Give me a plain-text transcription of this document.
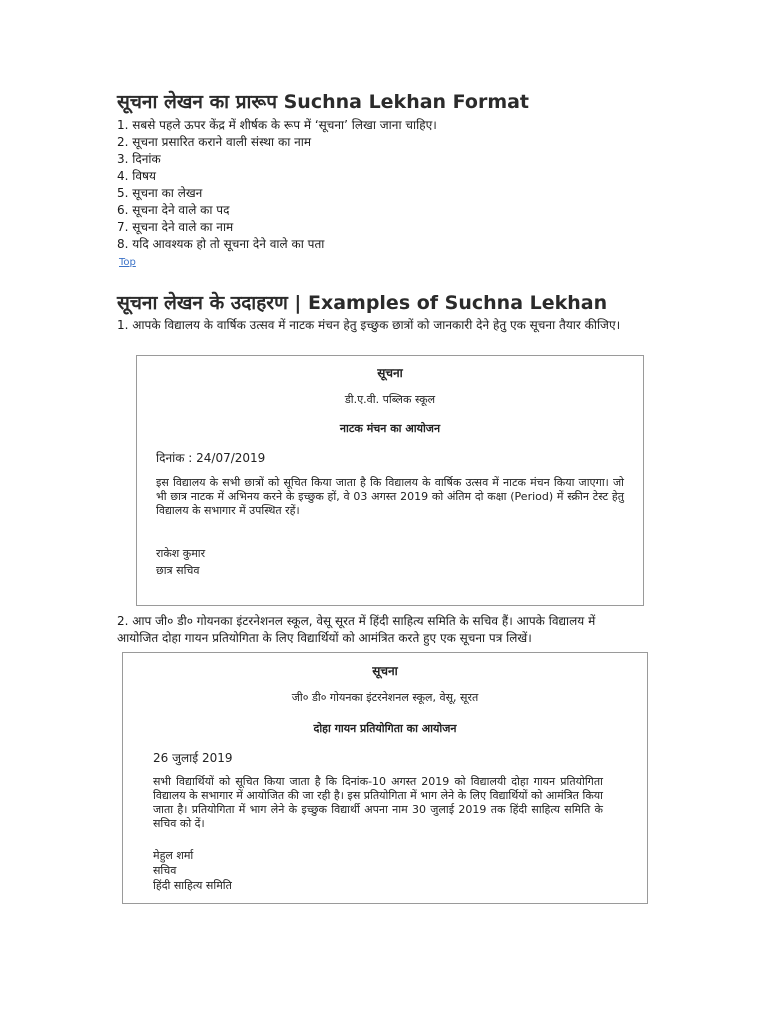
सूचना लेखन का प्रारूप Suchna Lekhan Format
1. सबसे पहले ऊपर केंद्र में शीर्षक के रूप में ‘सूचना’ लिखा जाना चाहिए।
2. सूचना प्रसारित कराने वाली संस्था का नाम
3. दिनांक
4. विषय
5. सूचना का लेखन
6. सूचना देने वाले का पद
7. सूचना देने वाले का नाम
8. यदि आवश्यक हो तो सूचना देने वाले का पता
Top
सूचना लेखन के उदाहरण | Examples of Suchna Lekhan

1. आपके विद्यालय के वार्षिक उत्सव में नाटक मंचन हेतु इच्छुक छात्रों को जानकारी देने हेतु एक सूचना तैयार कीजिए।

सूचना
डी.ए.वी. पब्लिक स्कूल
नाटक मंचन का आयोजन
दिनांक : 24/07/2019
इस विद्यालय के सभी छात्रों को सूचित किया जाता है कि विद्यालय के वार्षिक उत्सव में नाटक मंचन किया जाएगा। जो भी छात्र नाटक में अभिनय करने के इच्छुक हों, वे 03 अगस्त 2019 को अंतिम दो कक्षा (Period) में स्क्रीन टेस्ट हेतु विद्यालय के सभागार में उपस्थित रहें।
राकेश कुमार
छात्र सचिव

2. आप जी० डी० गोयनका इंटरनेशनल स्कूल, वेसू सूरत में हिंदी साहित्य समिति के सचिव हैं। आपके विद्यालय में आयोजित दोहा गायन प्रतियोगिता के लिए विद्यार्थियों को आमंत्रित करते हुए एक सूचना पत्र लिखें।

सूचना
जी० डी० गोयनका इंटरनेशनल स्कूल, वेसू, सूरत
दोहा गायन प्रतियोगिता का आयोजन
26 जुलाई 2019
सभी विद्यार्थियों को सूचित किया जाता है कि दिनांक-10 अगस्त 2019 को विद्यालयी दोहा गायन प्रतियोगिता विद्यालय के सभागार में आयोजित की जा रही है। इस प्रतियोगिता में भाग लेने के लिए विद्यार्थियों को आमंत्रित किया जाता है। प्रतियोगिता में भाग लेने के इच्छुक विद्यार्थी अपना नाम 30 जुलाई 2019 तक हिंदी साहित्य समिति के सचिव को दें।
मेहुल शर्मा
सचिव
हिंदी साहित्य समिति
